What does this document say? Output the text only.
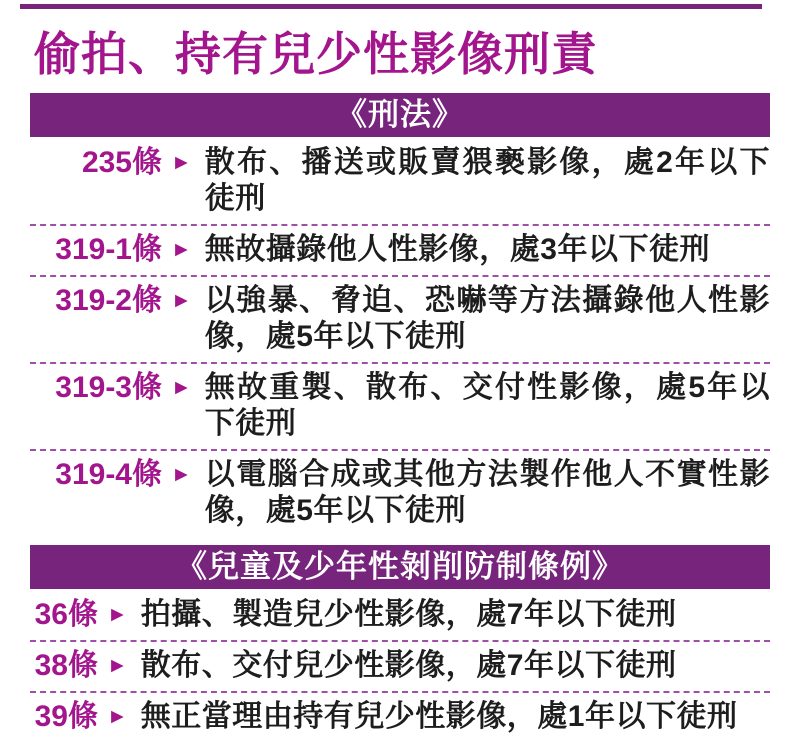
偷拍、持有兒少性影像刑責
《刑法》
235條 ► 散布、播送或販賣猥褻影像，處2年以下徒刑
319-1條 ► 無故攝錄他人性影像，處3年以下徒刑
319-2條 ► 以強暴、脅迫、恐嚇等方法攝錄他人性影像，處5年以下徒刑
319-3條 ► 無故重製、散布、交付性影像，處5年以下徒刑
319-4條 ► 以電腦合成或其他方法製作他人不實性影像，處5年以下徒刑
《兒童及少年性剝削防制條例》
36條 ► 拍攝、製造兒少性影像，處7年以下徒刑
38條 ► 散布、交付兒少性影像，處7年以下徒刑
39條 ► 無正當理由持有兒少性影像，處1年以下徒刑
